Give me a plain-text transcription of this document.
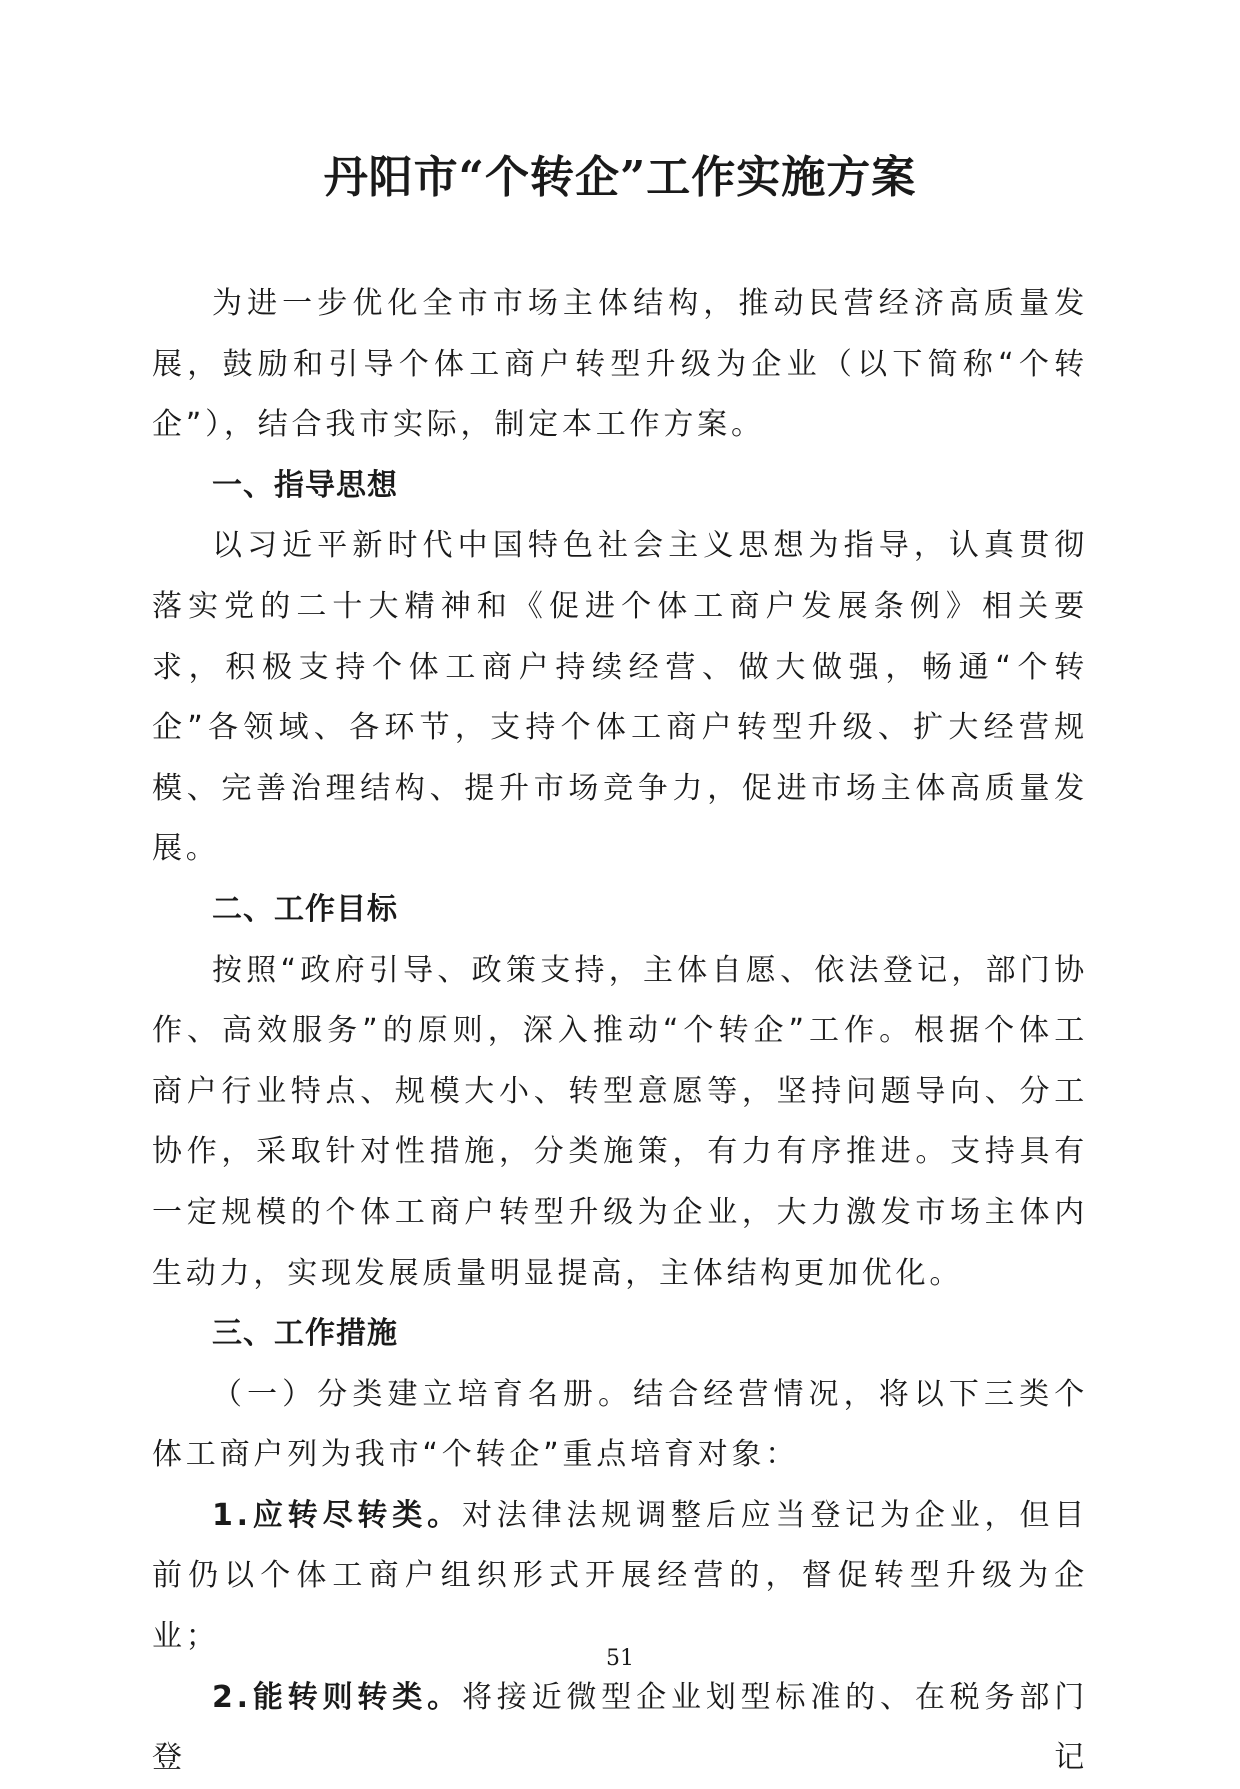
丹阳市“个转企”工作实施方案

为进一步优化全市市场主体结构，推动民营经济高质量发展，鼓励和引导个体工商户转型升级为企业（以下简称“个转企”），结合我市实际，制定本工作方案。

一、指导思想

以习近平新时代中国特色社会主义思想为指导，认真贯彻落实党的二十大精神和《促进个体工商户发展条例》相关要求，积极支持个体工商户持续经营、做大做强，畅通“个转企”各领域、各环节，支持个体工商户转型升级、扩大经营规模、完善治理结构、提升市场竞争力，促进市场主体高质量发展。

二、工作目标

按照“政府引导、政策支持，主体自愿、依法登记，部门协作、高效服务”的原则，深入推动“个转企”工作。根据个体工商户行业特点、规模大小、转型意愿等，坚持问题导向、分工协作，采取针对性措施，分类施策，有力有序推进。支持具有一定规模的个体工商户转型升级为企业，大力激发市场主体内生动力，实现发展质量明显提高，主体结构更加优化。

三、工作措施

（一）分类建立培育名册。结合经营情况，将以下三类个体工商户列为我市“个转企”重点培育对象：

1.应转尽转类。对法律法规调整后应当登记为企业，但目前仍以个体工商户组织形式开展经营的，督促转型升级为企业；

2.能转则转类。将接近微型企业划型标准的、在税务部门登记

51
